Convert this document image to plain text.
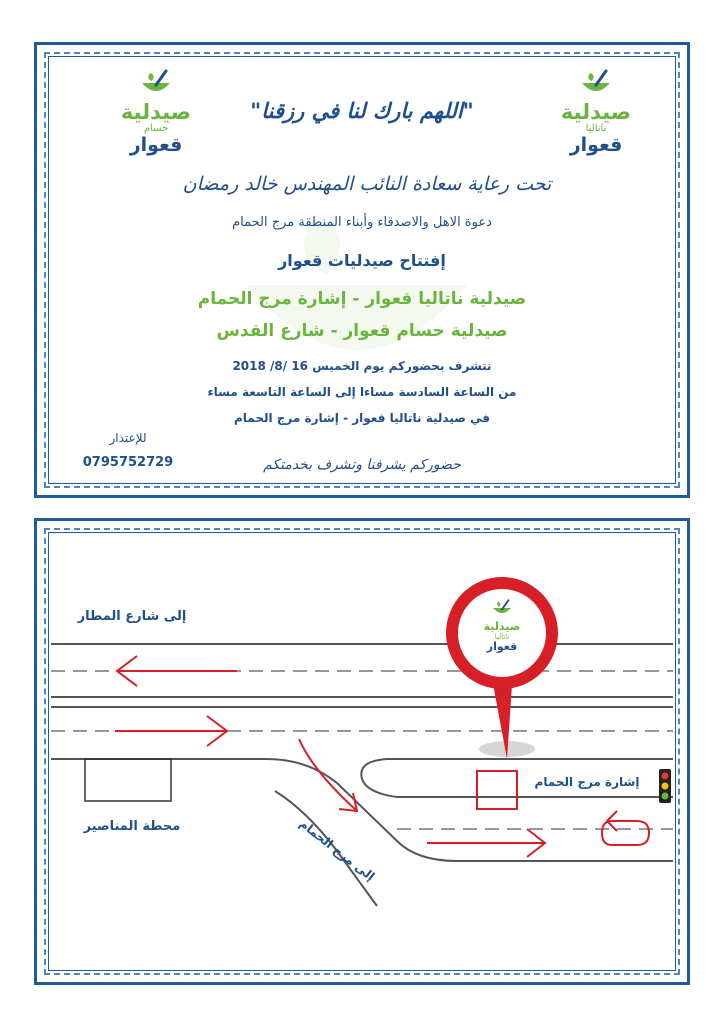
صيدلية
ناتاليا
قعوار
صيدلية
حسام
قعوار
"اللهم بارك لنا في رزقنا"
تحت رعاية سعادة النائب المهندس خالد رمضان
دعوة الاهل والاصدقاء وأبناء المنطقة مرج الحمام
إفتتاح صيدليات قعوار
صيدلية ناتاليا قعوار - إشارة مرج الحمام
صيدلية حسام قعوار - شارع القدس
نتشرف بحضوركم يوم الخميس 16 /8/ 2018
من الساعة السادسة مساءا إلى الساعة التاسعة مساء
في صيدلية ناتاليا قعوار - إشارة مرج الحمام
حضوركم يشرفنا وتشرف بخدمتكم
للإعتذار
0795752729
صيدلية
ناتاليا
قعوار
إلى شارع المطار
محطة المناصير	إلى مرج الحمام
إشارة مرج الحمام
